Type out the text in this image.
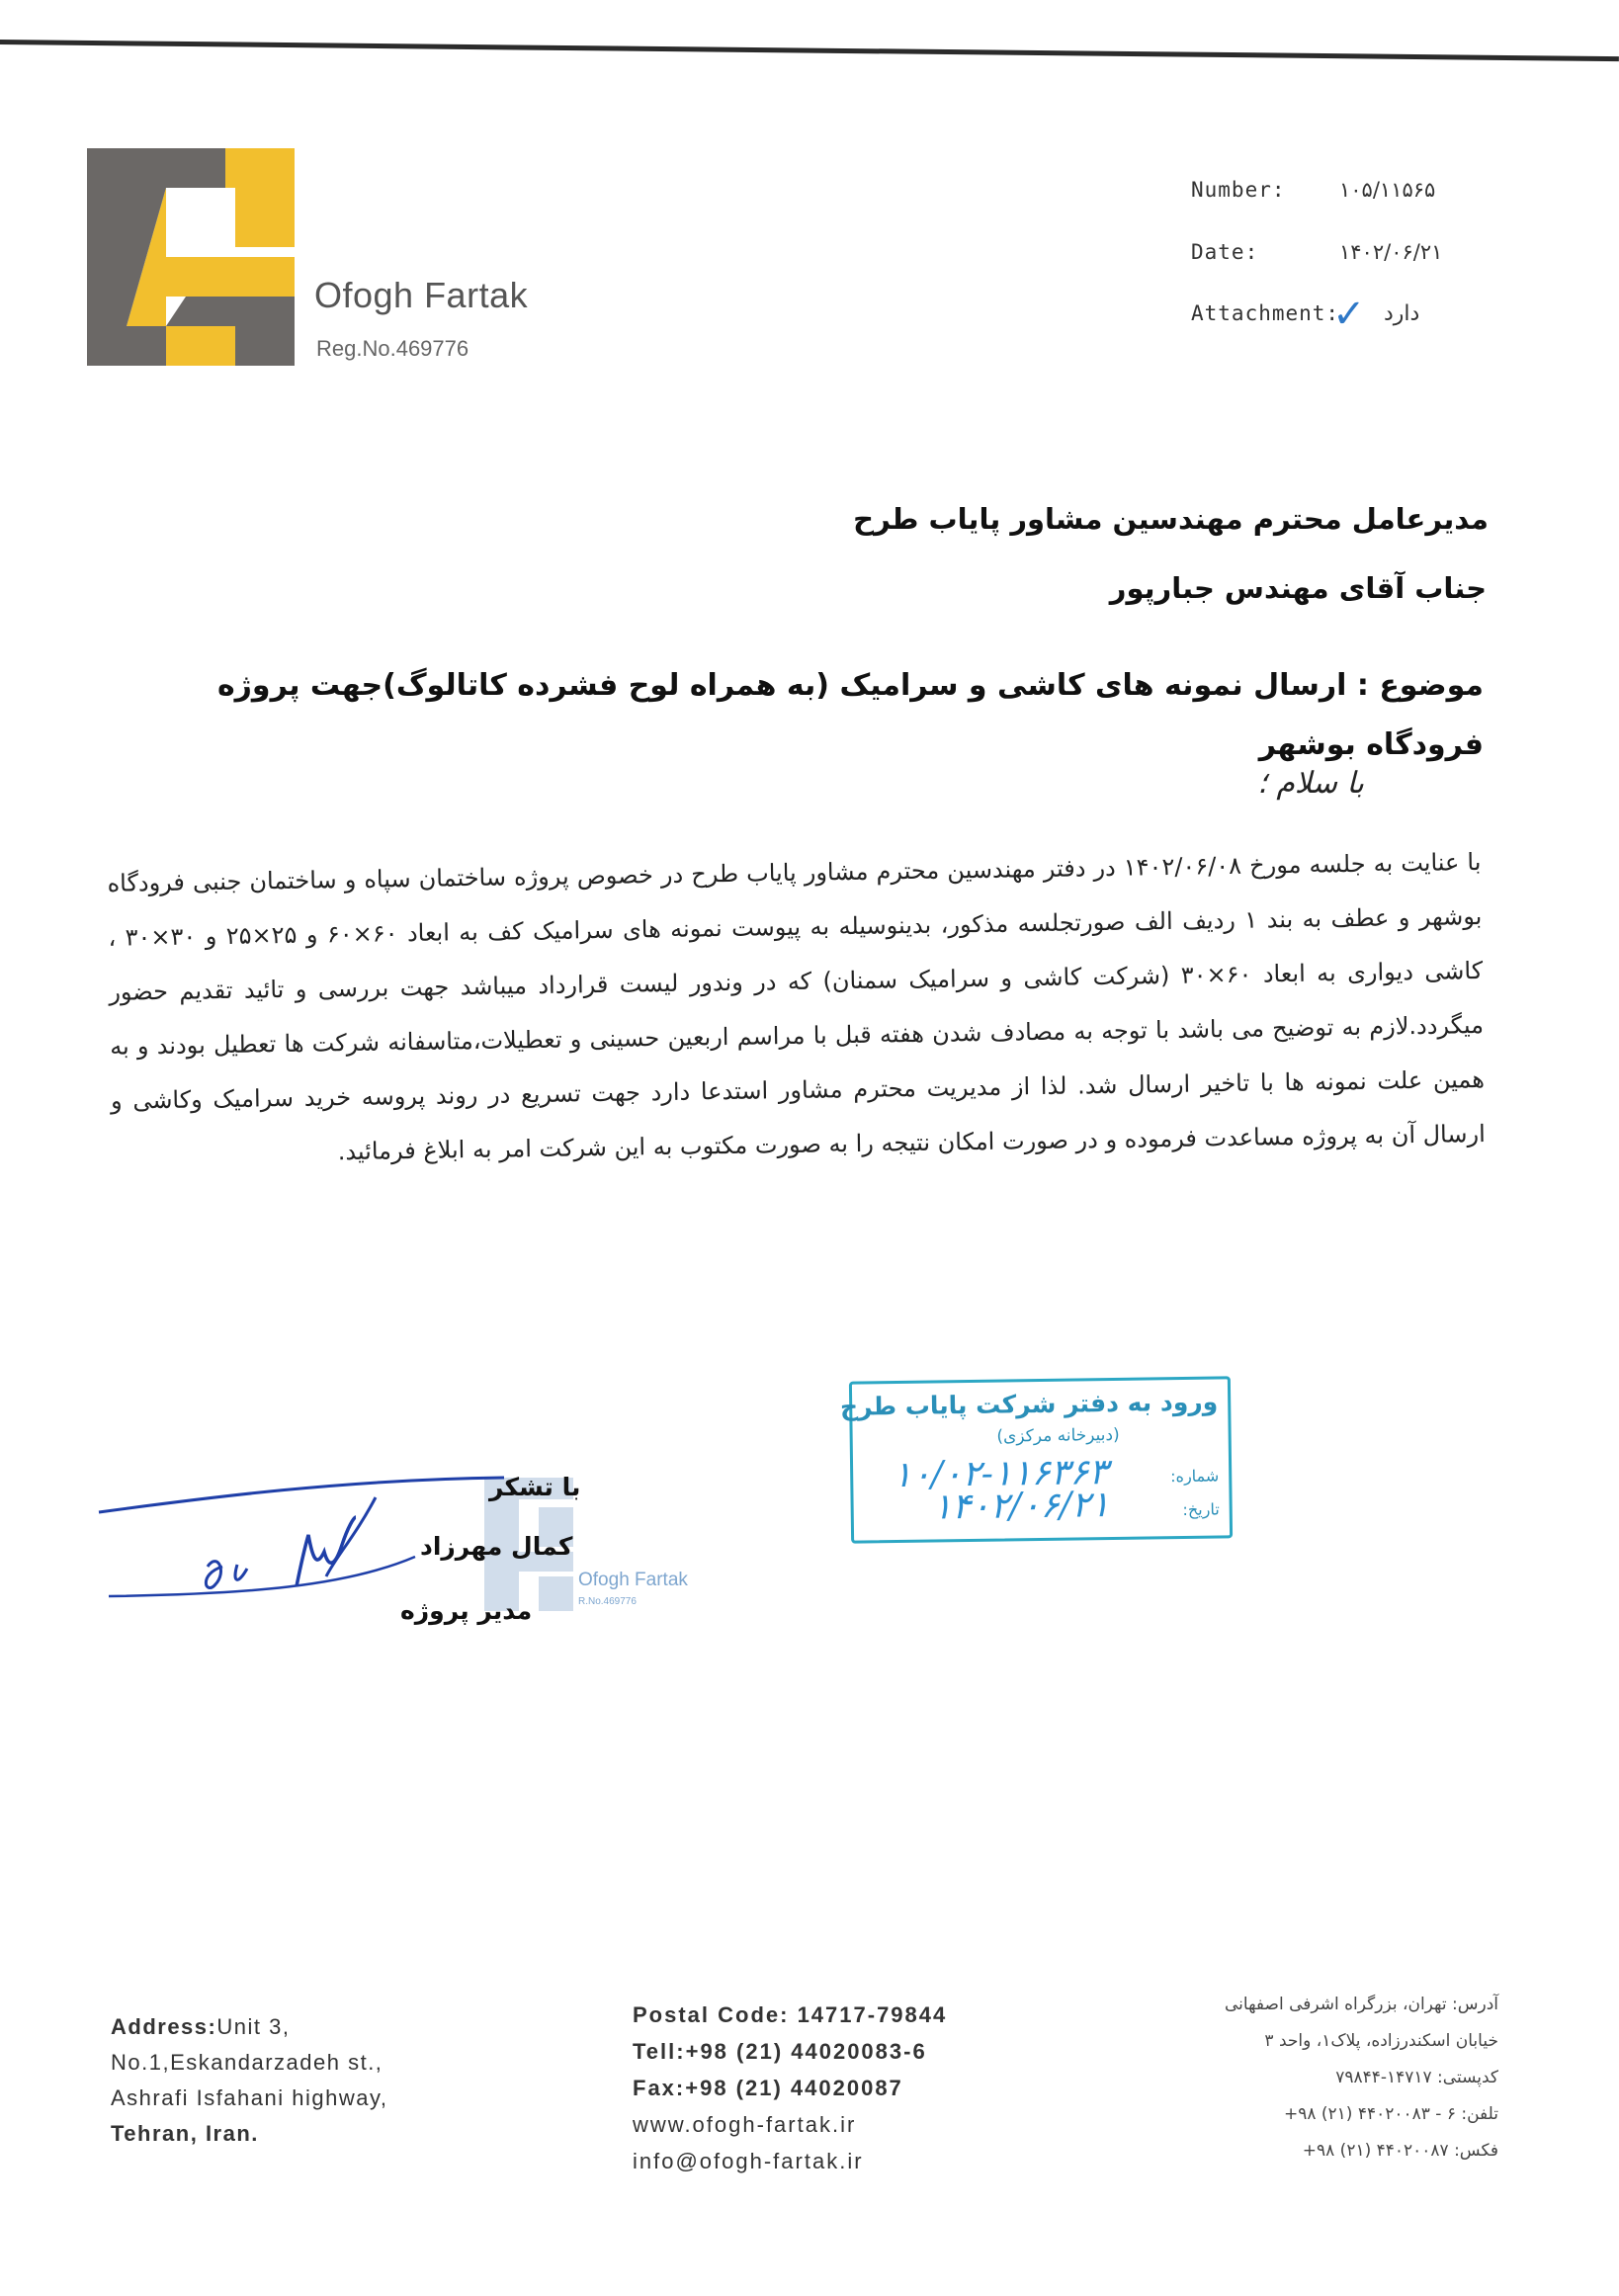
Ofogh Fartak
Reg.No.469776
Number:	۱۰۵/۱۱۵۶۵
Date:	۱۴۰۲/۰۶/۲۱
Attachment:
✓ دارد
مدیرعامل محترم مهندسین مشاور پایاب طرح
جناب آقای مهندس جبارپور
موضوع : ارسال نمونه های کاشی و سرامیک (به همراه لوح فشرده کاتالوگ)جهت پروژه فرودگاه بوشهر
با سلام ؛
با عنایت به جلسه مورخ ۱۴۰۲/۰۶/۰۸ در دفتر مهندسین محترم مشاور پایاب طرح در خصوص پروژه ساختمان سپاه و ساختمان جنبی فرودگاه بوشهر و عطف به بند ۱ ردیف الف صورتجلسه مذکور، بدینوسیله به پیوست نمونه های سرامیک کف به ابعاد ۶۰×۶۰ و ۲۵×۲۵ و ۳۰×۳۰ ، کاشی دیواری به ابعاد ۶۰×۳۰ (شرکت کاشی و سرامیک سمنان) که در وندور لیست قرارداد میباشد جهت بررسی و تائید تقدیم حضور میگردد.لازم به توضیح می باشد با توجه به مصادف شدن هفته قبل با مراسم اربعین حسینی و تعطیلات،متاسفانه شرکت ها تعطیل بودند و به همین علت نمونه ها با تاخیر ارسال شد. لذا از مدیریت محترم مشاور استدعا دارد جهت تسریع در روند پروسه خرید سرامیک وکاشی و ارسال آن به پروژه مساعدت فرموده و در صورت امکان نتیجه را به صورت مکتوب به این شرکت امر به ابلاغ فرمائید.
ورود به دفتر شرکت پایاب طرح
(دبیرخانه مرکزی)
شماره:
۱۰/۰۲-۱۱۶۳۶۳
تاریخ:
۱۴۰۲/۰۶/۲۱
Ofogh Fartak
R.No.469776
با تشکر
کمال مهرزاد
مدیر پروژه
Address:Unit 3,
No.1,Eskandarzadeh st.,
Ashrafi Isfahani highway,
Tehran, Iran.
Postal Code: 14717-79844
Tell:+98 (21) 44020083-6
Fax:+98 (21) 44020087
www.ofogh-fartak.ir
info@ofogh-fartak.ir
آدرس: تهران، بزرگراه اشرفی اصفهانی
خیابان اسکندرزاده، پلاک۱، واحد ۳
کدپستی: ۱۴۷۱۷-۷۹۸۴۴
تلفن: ۶ - ۴۴۰۲۰۰۸۳ (۲۱) ۹۸+
فکس: ۴۴۰۲۰۰۸۷ (۲۱) ۹۸+
